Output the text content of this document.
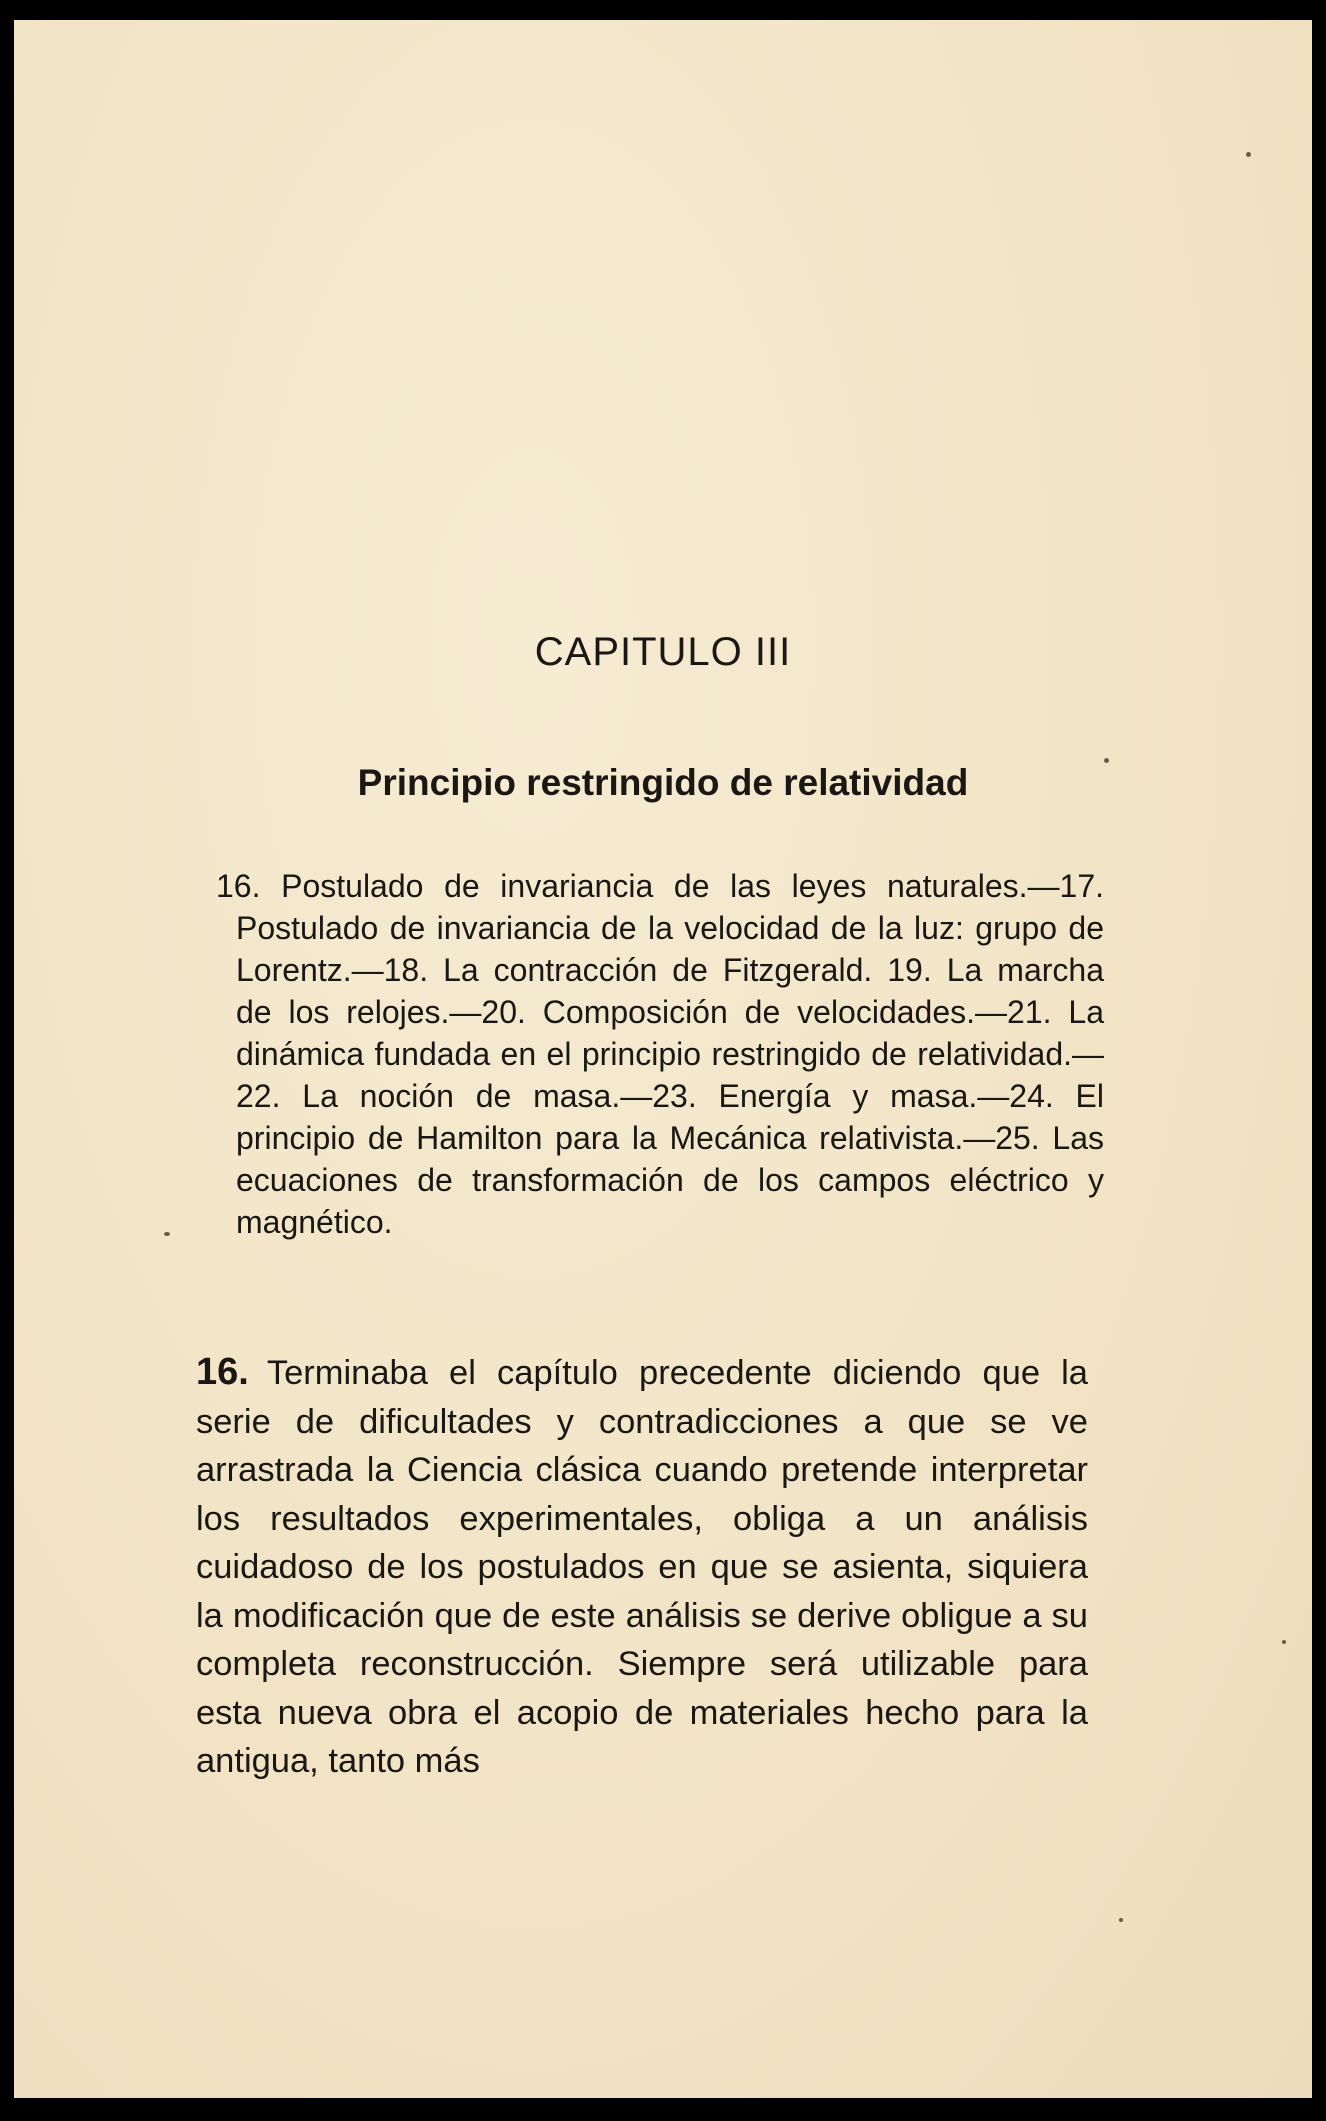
CAPITULO III
Principio restringido de relatividad

16. Postulado de invariancia de las leyes naturales.—17. Postulado de invariancia de la velocidad de la luz: grupo de Lorentz.—18. La contracción de Fitzgerald. 19. La marcha de los relojes.—20. Composición de velocidades.—21. La dinámica fundada en el principio restringido de relatividad.—22. La noción de masa.—23. Energía y masa.—24. El principio de Hamilton para la Mecánica relativista.—25. Las ecuaciones de transformación de los campos eléctrico y magnético.

16. Terminaba el capítulo precedente diciendo que la serie de dificultades y contradicciones a que se ve arrastrada la Ciencia clásica cuando pretende interpretar los resultados experimentales, obliga a un análisis cuidadoso de los postulados en que se asienta, siquiera la modificación que de este análisis se derive obligue a su completa reconstrucción. Siempre será utilizable para esta nueva obra el acopio de materiales hecho para la antigua, tanto más
